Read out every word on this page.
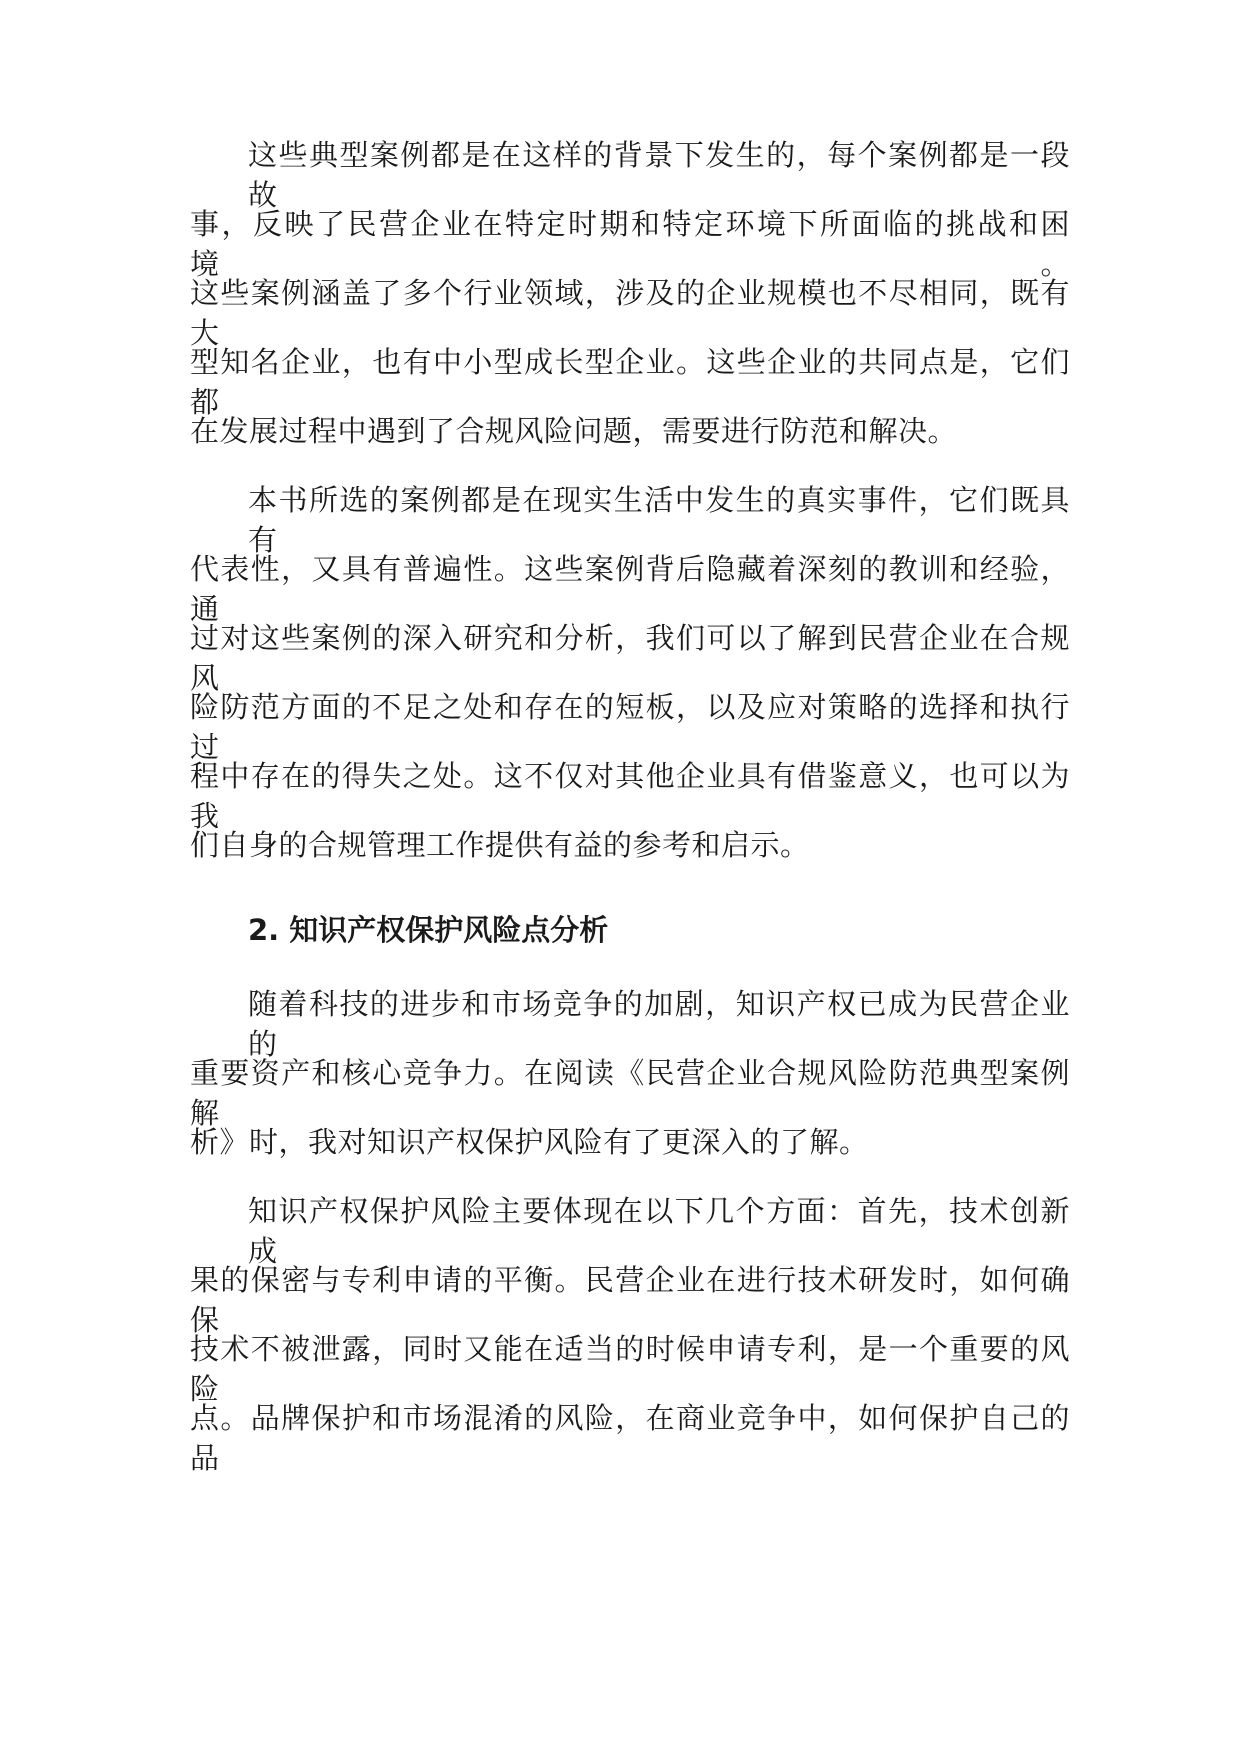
这些典型案例都是在这样的背景下发生的，每个案例都是一段故
事，反映了民营企业在特定时期和特定环境下所面临的挑战和困境。
这些案例涵盖了多个行业领域，涉及的企业规模也不尽相同，既有大
型知名企业，也有中小型成长型企业。这些企业的共同点是，它们都
在发展过程中遇到了合规风险问题，需要进行防范和解决。
本书所选的案例都是在现实生活中发生的真实事件，它们既具有
代表性，又具有普遍性。这些案例背后隐藏着深刻的教训和经验，通
过对这些案例的深入研究和分析，我们可以了解到民营企业在合规风
险防范方面的不足之处和存在的短板，以及应对策略的选择和执行过
程中存在的得失之处。这不仅对其他企业具有借鉴意义，也可以为我
们自身的合规管理工作提供有益的参考和启示。
2. 知识产权保护风险点分析
随着科技的进步和市场竞争的加剧，知识产权已成为民营企业的
重要资产和核心竞争力。在阅读《民营企业合规风险防范典型案例解
析》时，我对知识产权保护风险有了更深入的了解。
知识产权保护风险主要体现在以下几个方面：首先，技术创新成
果的保密与专利申请的平衡。民营企业在进行技术研发时，如何确保
技术不被泄露，同时又能在适当的时候申请专利，是一个重要的风险
点。品牌保护和市场混淆的风险，在商业竞争中，如何保护自己的品
